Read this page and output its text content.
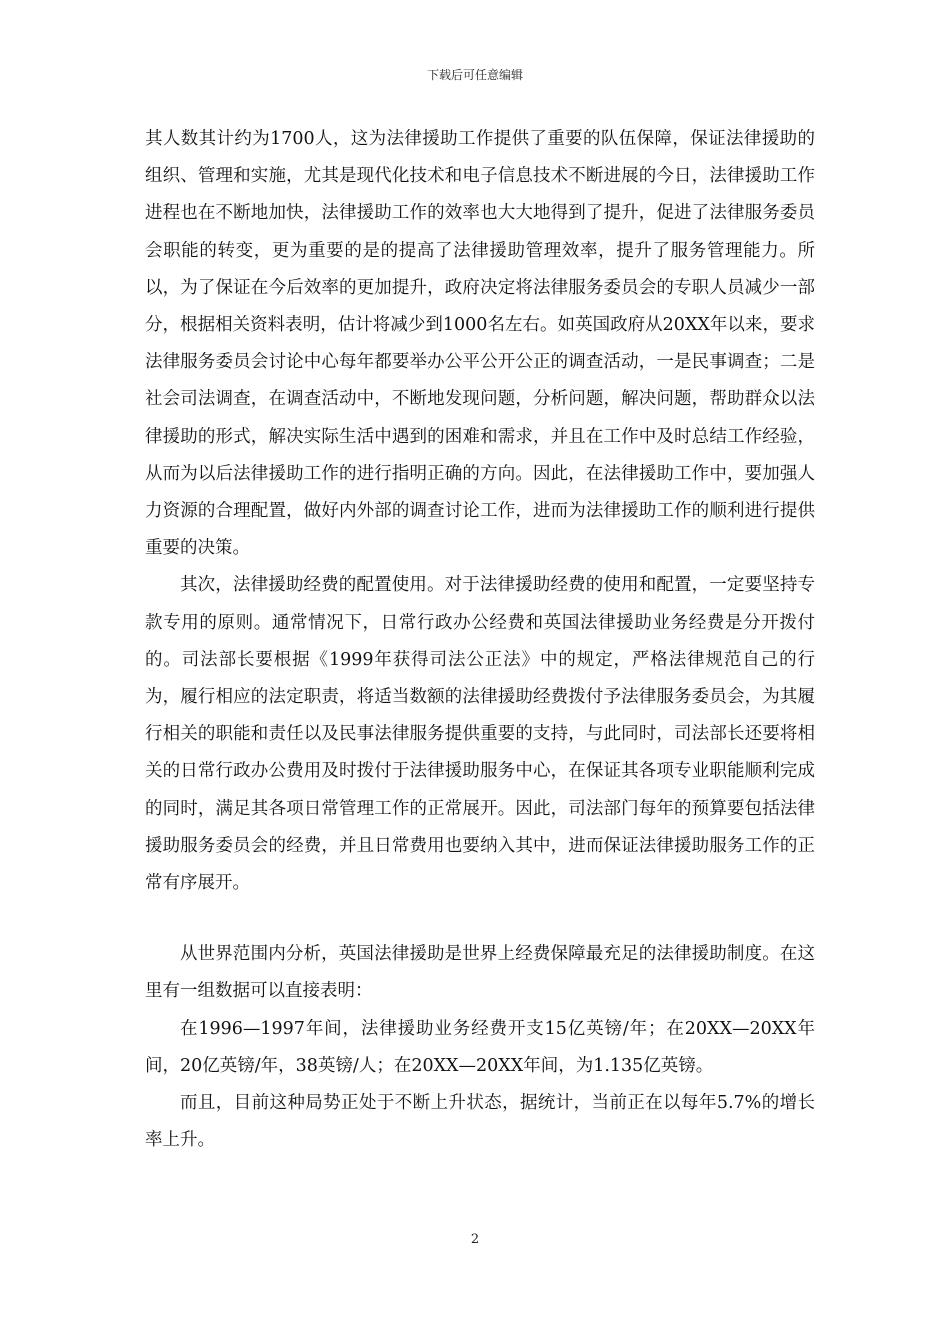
下载后可任意编辑

其人数其计约为1700人，这为法律援助工作提供了重要的队伍保障，保证法律援助的组织、管理和实施，尤其是现代化技术和电子信息技术不断进展的今日，法律援助工作进程也在不断地加快，法律援助工作的效率也大大地得到了提升，促进了法律服务委员会职能的转变，更为重要的是的提高了法律援助管理效率，提升了服务管理能力。所以，为了保证在今后效率的更加提升，政府决定将法律服务委员会的专职人员减少一部分，根据相关资料表明，估计将减少到1000名左右。如英国政府从20XX年以来，要求法律服务委员会讨论中心每年都要举办公平公开公正的调查活动，一是民事调查；二是社会司法调查，在调查活动中，不断地发现问题，分析问题，解决问题，帮助群众以法律援助的形式，解决实际生活中遇到的困难和需求，并且在工作中及时总结工作经验，从而为以后法律援助工作的进行指明正确的方向。因此，在法律援助工作中，要加强人力资源的合理配置，做好内外部的调查讨论工作，进而为法律援助工作的顺利进行提供重要的决策。

其次，法律援助经费的配置使用。对于法律援助经费的使用和配置，一定要坚持专款专用的原则。通常情况下，日常行政办公经费和英国法律援助业务经费是分开拨付的。司法部长要根据《1999年获得司法公正法》中的规定，严格法律规范自己的行为，履行相应的法定职责，将适当数额的法律援助经费拨付予法律服务委员会，为其履行相关的职能和责任以及民事法律服务提供重要的支持，与此同时，司法部长还要将相关的日常行政办公费用及时拨付于法律援助服务中心，在保证其各项专业职能顺利完成的同时，满足其各项日常管理工作的正常展开。因此，司法部门每年的预算要包括法律援助服务委员会的经费，并且日常费用也要纳入其中，进而保证法律援助服务工作的正常有序展开。

从世界范围内分析，英国法律援助是世界上经费保障最充足的法律援助制度。在这里有一组数据可以直接表明：

在1996—1997年间，法律援助业务经费开支15亿英镑/年；在20XX—20XX年间，20亿英镑/年，38英镑/人；在20XX—20XX年间，为1.135亿英镑。

而且，目前这种局势正处于不断上升状态，据统计，当前正在以每年5.7%的增长率上升。

2
